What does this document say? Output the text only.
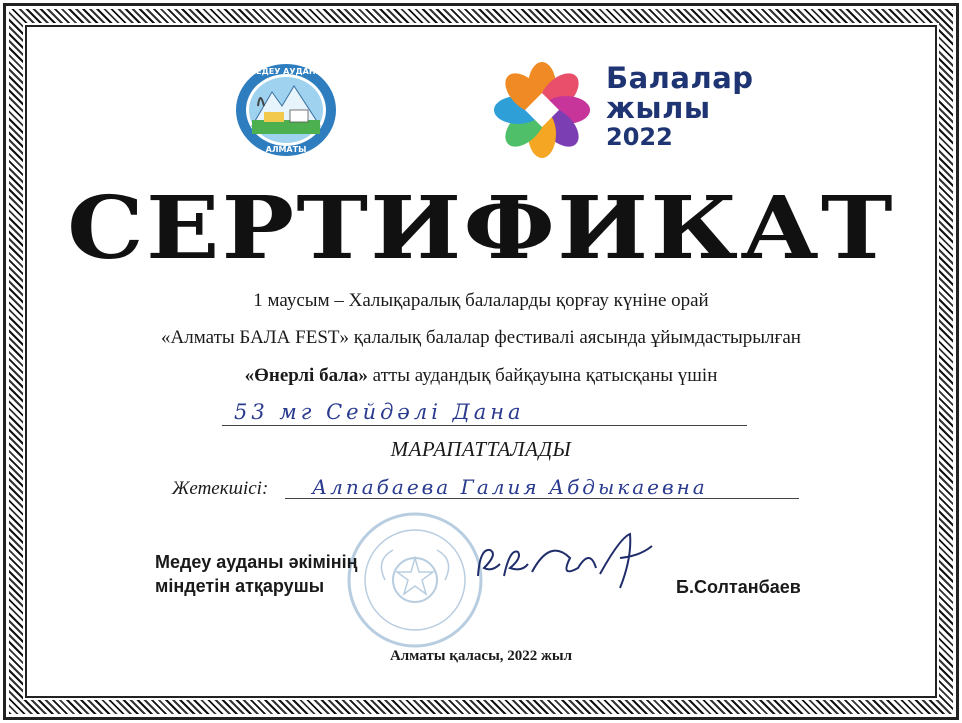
МЕДЕУ АУДАНЫ
АЛМАТЫ
Балалар
жылы
2022
СЕРТИФИКАТ
1 маусым – Халықаралық балаларды қорғау күніне орай
«Алматы БАЛА FEST» қалалық балалар фестивалі аясында ұйымдастырылған
«Өнерлі бала» атты аудандық байқауына қатысқаны үшін
53 мг Сейдәлі Дана
МАРАПАТТАЛАДЫ
Жетекшісі: Алпабаева Галия Абдыкаевна
Медеу ауданы әкімінің
міндетін атқарушы	Б.Солтанбаев
Алматы қаласы, 2022 жыл
